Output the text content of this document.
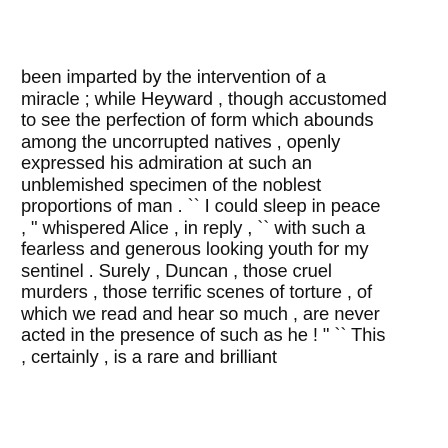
been imparted by the intervention of a
miracle ; while Heyward , though accustomed
to see the perfection of form which abounds
among the uncorrupted natives , openly
expressed his admiration at such an
unblemished specimen of the noblest
proportions of man . `` I could sleep in peace
, " whispered Alice , in reply , `` with such a
fearless and generous looking youth for my
sentinel . Surely , Duncan , those cruel
murders , those terrific scenes of torture , of
which we read and hear so much , are never
acted in the presence of such as he ! " `` This
, certainly , is a rare and brilliant
